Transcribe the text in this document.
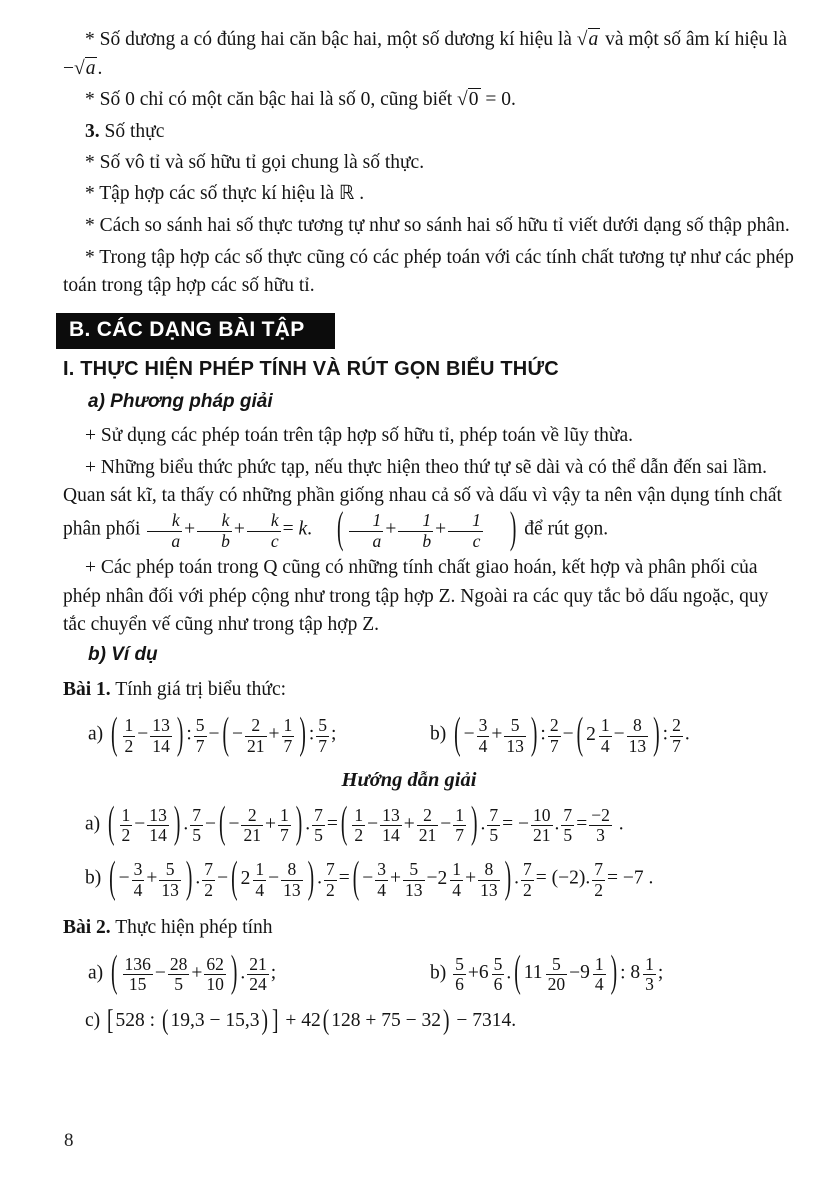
* Số dương a có đúng hai căn bậc hai, một số dương kí hiệu là √a và một số âm kí hiệu là −√a .

* Số 0 chỉ có một căn bậc hai là số 0, cũng biết √0 = 0.

3. Số thực

* Số vô tỉ và số hữu tỉ gọi chung là số thực.

* Tập hợp các số thực kí hiệu là ℝ .

* Cách so sánh hai số thực tương tự như so sánh hai số hữu tỉ viết dưới dạng số thập phân.

* Trong tập hợp các số thực cũng có các phép toán với các tính chất tương tự như các phép toán trong tập hợp các số hữu tỉ.

B. CÁC DẠNG BÀI TẬP
I. THỰC HIỆN PHÉP TÍNH VÀ RÚT GỌN BIỂU THỨC
a) Phương pháp giải

+ Sử dụng các phép toán trên tập hợp số hữu tỉ, phép toán về lũy thừa.

+ Những biểu thức phức tạp, nếu thực hiện theo thứ tự sẽ dài và có thể dẫn đến sai lầm. Quan sát kĩ, ta thấy có những phần giống nhau cả số và dấu vì vậy ta nên vận dụng tính chất phân phối $\frac{k}{a} + \frac{k}{b} + \frac{k}{c} = k$. ( $\frac{1}{a} + \frac{1}{b} + \frac{1}{c}$ ) để rút gọn.

+ Các phép toán trong Q cũng có những tính chất giao hoán, kết hợp và phân phối của phép nhân đối với phép cộng như trong tập hợp Z. Ngoài ra các quy tắc bỏ dấu ngoặc, quy tắc chuyển vế cũng như trong tập hợp Z.

b) Ví dụ

Bài 1. Tính giá trị biểu thức:

a) ( $\frac{1}{2} - \frac{13}{14}$ ) : $\frac{5}{7}$ − ( − $\frac{2}{21} + \frac{1}{7}$ ) : $\frac{5}{7}$ ;	b) ( − $\frac{3}{4} + \frac{5}{13}$ ) : $\frac{2}{7}$ − ( $2 \frac{1}{4} - \frac{8}{13}$ ) : $\frac{2}{7}$ .

Hướng dẫn giải

a) ( $\frac{1}{2} - \frac{13}{14}$ ) . $\frac{7}{5}$ − ( − $\frac{2}{21} + \frac{1}{7}$ ) . $\frac{7}{5}$ = ( $\frac{1}{2} - \frac{13}{14} + \frac{2}{21} - \frac{1}{7}$ ) . $\frac{7}{5}$ = − $\frac{10}{21}$ . $\frac{7}{5} = \frac{-2}{3}$ .
b) ( − $\frac{3}{4} + \frac{5}{13}$ ) . $\frac{7}{2}$ − ( $2 \frac{1}{4} - \frac{8}{13}$ ) . $\frac{7}{2}$ = ( − $\frac{3}{4} + \frac{5}{13} -2 \frac{1}{4} + \frac{8}{13}$ ) . $\frac{7}{2} = (-2)$. $\frac{7}{2} = -7$ .

Bài 2. Thực hiện phép tính

a) ( $\frac{136}{15} - \frac{28}{5} + \frac{62}{10}$ ) . $\frac{21}{24}$ ;	$b) \frac{5}{6} +6 \frac{5}{6}$ . ( $11 \frac{5}{20} -9 \frac{1}{4}$ ) : $8 \frac{1}{3}$ ;
c) [ 528 : ( 19,3 − 15,3 ) ] + 42 ( 128 + 75 − 32 ) − 7314.
8
